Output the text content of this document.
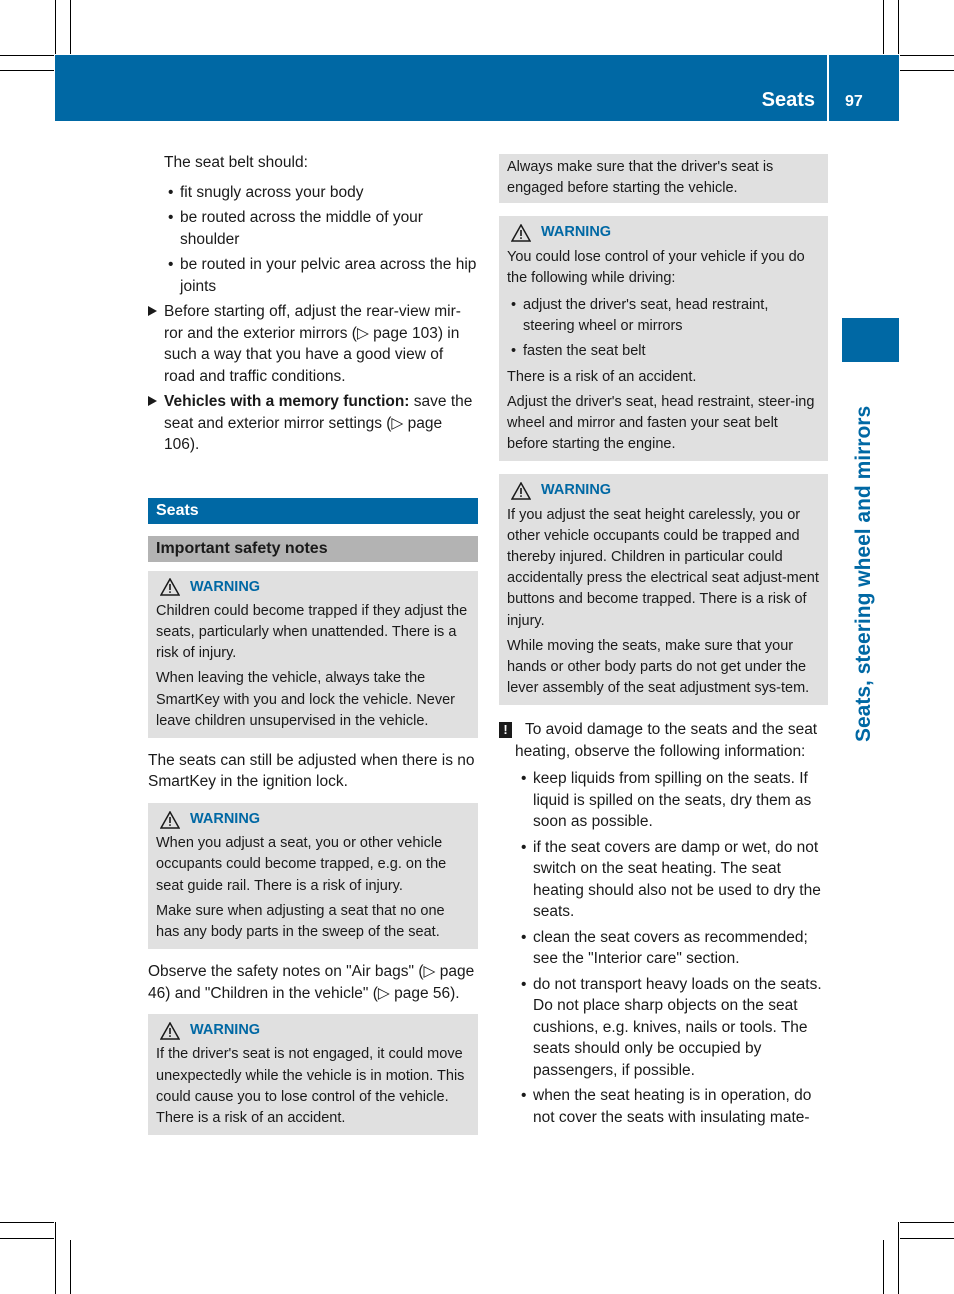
Seats 97
Seats, steering wheel and mirrors

The seat belt should:

• fit snugly across your body

• be routed across the middle of your shoulder

• be routed in your pelvic area across the hip joints

Before starting off, adjust the rear-view mir-ror and the exterior mirrors (▷ page 103) in such a way that you have a good view of road and traffic conditions.

Vehicles with a memory function: save the seat and exterior mirror settings (▷ page 106).

Seats
Important safety notes
WARNING

Children could become trapped if they adjust the seats, particularly when unattended. There is a risk of injury.

When leaving the vehicle, always take the SmartKey with you and lock the vehicle. Never leave children unsupervised in the vehicle.

The seats can still be adjusted when there is no SmartKey in the ignition lock.

WARNING

When you adjust a seat, you or other vehicle occupants could become trapped, e.g. on the seat guide rail. There is a risk of injury.

Make sure when adjusting a seat that no one has any body parts in the sweep of the seat.

Observe the safety notes on "Air bags" (▷ page 46) and "Children in the vehicle" (▷ page 56).

WARNING

If the driver's seat is not engaged, it could move unexpectedly while the vehicle is in motion. This could cause you to lose control of the vehicle. There is a risk of an accident.

Always make sure that the driver's seat is engaged before starting the vehicle.

WARNING

You could lose control of your vehicle if you do the following while driving:

• adjust the driver's seat, head restraint, steering wheel or mirrors

• fasten the seat belt

There is a risk of an accident.

Adjust the driver's seat, head restraint, steer-ing wheel and mirror and fasten your seat belt before starting the engine.

WARNING

If you adjust the seat height carelessly, you or other vehicle occupants could be trapped and thereby injured. Children in particular could accidentally press the electrical seat adjust-ment buttons and become trapped. There is a risk of injury.

While moving the seats, make sure that your hands or other body parts do not get under the lever assembly of the seat adjustment sys-tem.

!	To avoid damage to the seats and the seat heating, observe the following information:

• keep liquids from spilling on the seats. If liquid is spilled on the seats, dry them as soon as possible.

• if the seat covers are damp or wet, do not switch on the seat heating. The seat heating should also not be used to dry the seats.

• clean the seat covers as recommended; see the "Interior care" section.

• do not transport heavy loads on the seats. Do not place sharp objects on the seat cushions, e.g. knives, nails or tools. The seats should only be occupied by passengers, if possible.

• when the seat heating is in operation, do not cover the seats with insulating mate-
